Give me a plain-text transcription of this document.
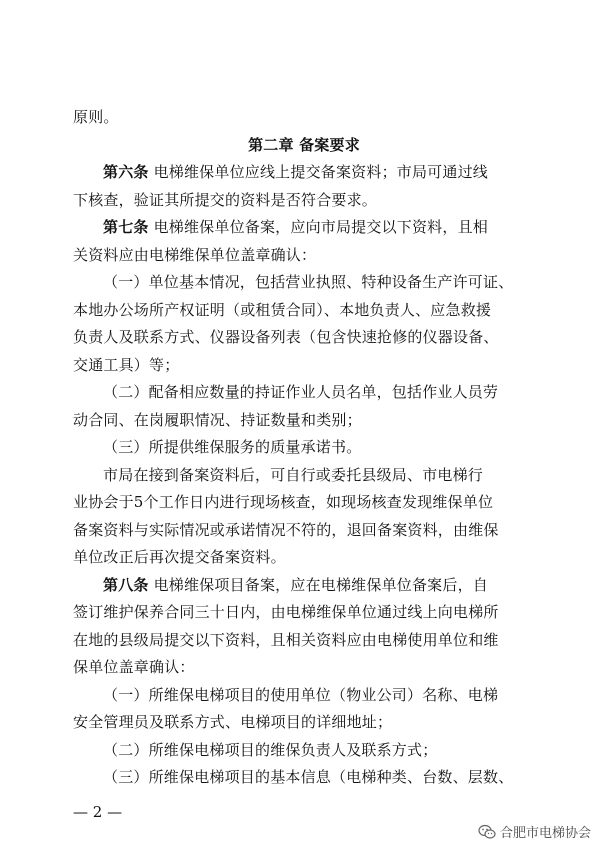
原则。
第二章 备案要求
第六条 电梯维保单位应线上提交备案资料；市局可通过线
下核查，验证其所提交的资料是否符合要求。
第七条 电梯维保单位备案，应向市局提交以下资料，且相
关资料应由电梯维保单位盖章确认：
（一）单位基本情况，包括营业执照、特种设备生产许可证、
本地办公场所产权证明（或租赁合同）、本地负责人、应急救援
负责人及联系方式、仪器设备列表（包含快速抢修的仪器设备、
交通工具）等；
（二）配备相应数量的持证作业人员名单，包括作业人员劳
动合同、在岗履职情况、持证数量和类别；
（三）所提供维保服务的质量承诺书。
市局在接到备案资料后，可自行或委托县级局、市电梯行
业协会于5个工作日内进行现场核查，如现场核查发现维保单位
备案资料与实际情况或承诺情况不符的，退回备案资料，由维保
单位改正后再次提交备案资料。
第八条 电梯维保项目备案，应在电梯维保单位备案后，自
签订维护保养合同三十日内，由电梯维保单位通过线上向电梯所
在地的县级局提交以下资料，且相关资料应由电梯使用单位和维
保单位盖章确认：
（一）所维保电梯项目的使用单位（物业公司）名称、电梯
安全管理员及联系方式、电梯项目的详细地址；
（二）所维保电梯项目的维保负责人及联系方式；
（三）所维保电梯项目的基本信息（电梯种类、台数、层数、
— 2 —
合肥市电梯协会
